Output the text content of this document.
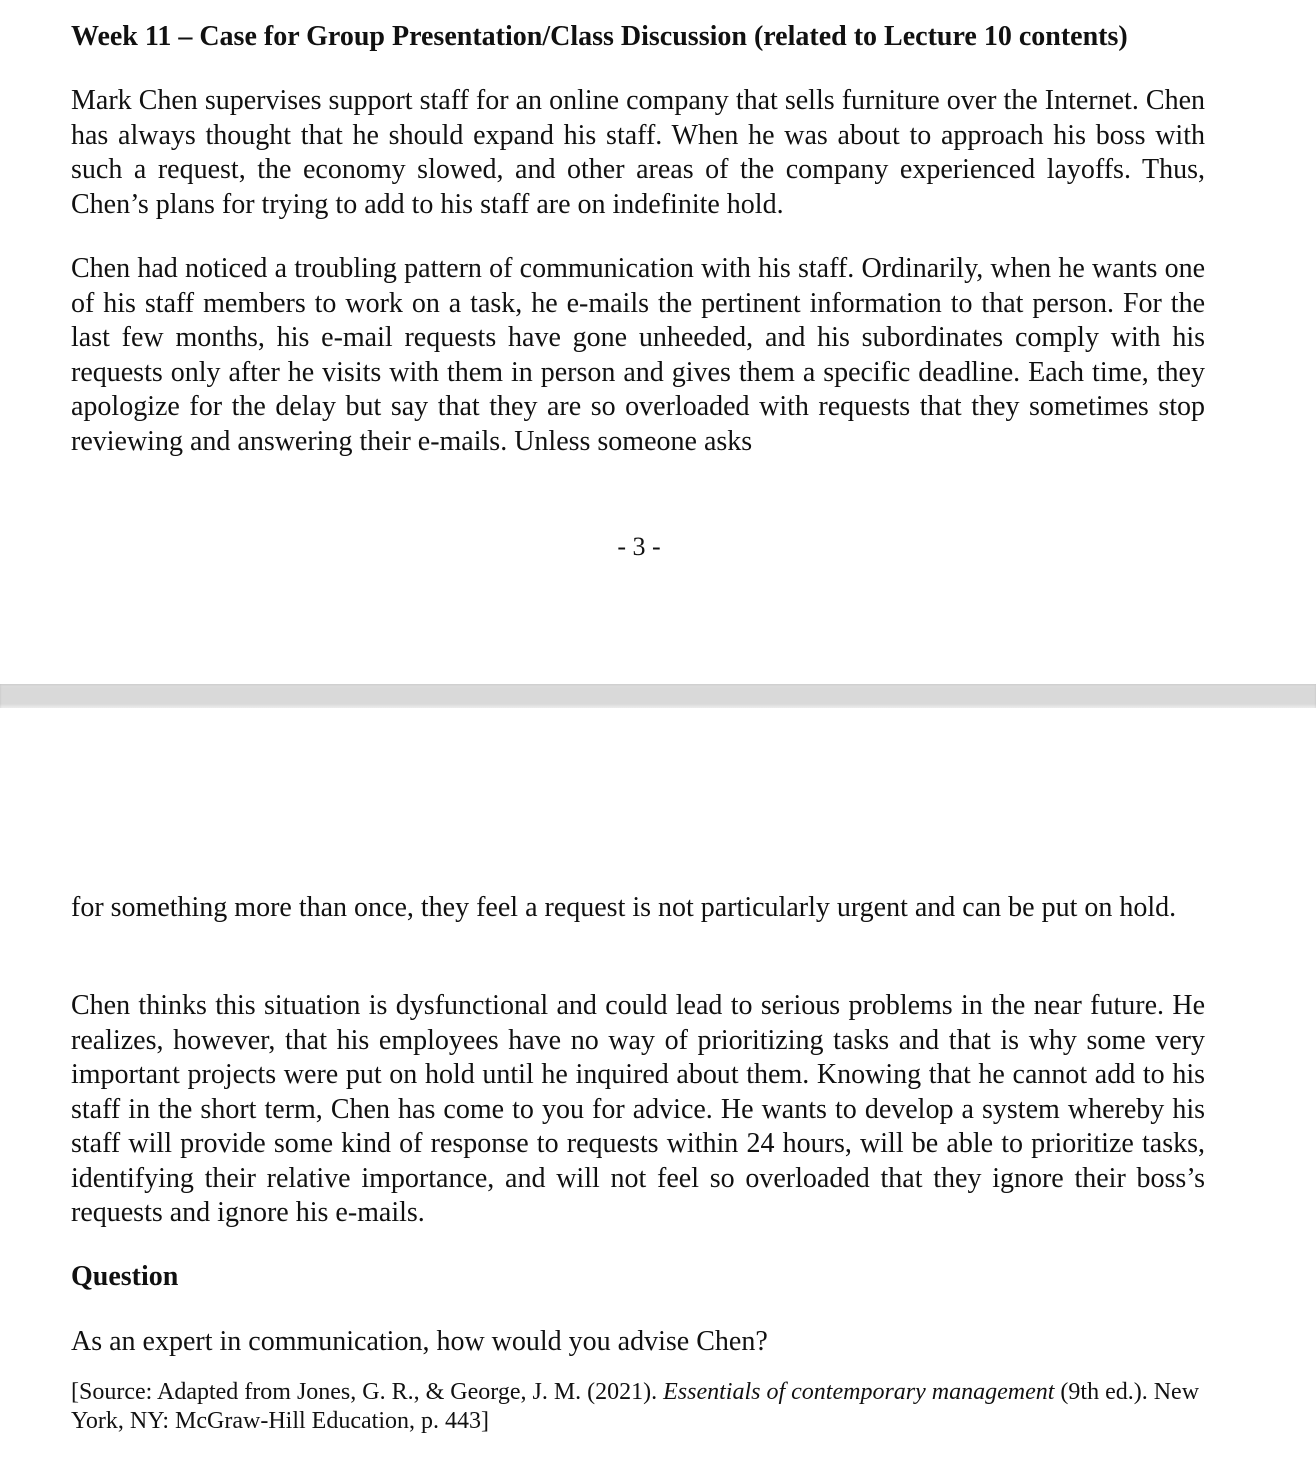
Week 11 – Case for Group Presentation/Class Discussion (related to Lecture 10 contents)

Mark Chen supervises support staff for an online company that sells furniture over the Internet. Chen has always thought that he should expand his staff. When he was about to approach his boss with such a request, the economy slowed, and other areas of the company experienced layoffs. Thus, Chen’s plans for trying to add to his staff are on indefinite hold.

Chen had noticed a troubling pattern of communication with his staff. Ordinarily, when he wants one of his staff members to work on a task, he e-mails the pertinent information to that person. For the last few months, his e-mail requests have gone unheeded, and his subordinates comply with his requests only after he visits with them in person and gives them a specific deadline. Each time, they apologize for the delay but say that they are so overloaded with requests that they sometimes stop reviewing and answering their e-mails. Unless someone asks

- 3 -

for something more than once, they feel a request is not particularly urgent and can be put on hold.

Chen thinks this situation is dysfunctional and could lead to serious problems in the near future. He realizes, however, that his employees have no way of prioritizing tasks and that is why some very important projects were put on hold until he inquired about them. Knowing that he cannot add to his staff in the short term, Chen has come to you for advice. He wants to develop a system whereby his staff will provide some kind of response to requests within 24 hours, will be able to prioritize tasks, identifying their relative importance, and will not feel so overloaded that they ignore their boss’s requests and ignore his e-mails.

Question

As an expert in communication, how would you advise Chen?

[Source: Adapted from Jones, G. R., & George, J. M. (2021). Essentials of contemporary management (9th ed.). New York, NY: McGraw-Hill Education, p. 443]
